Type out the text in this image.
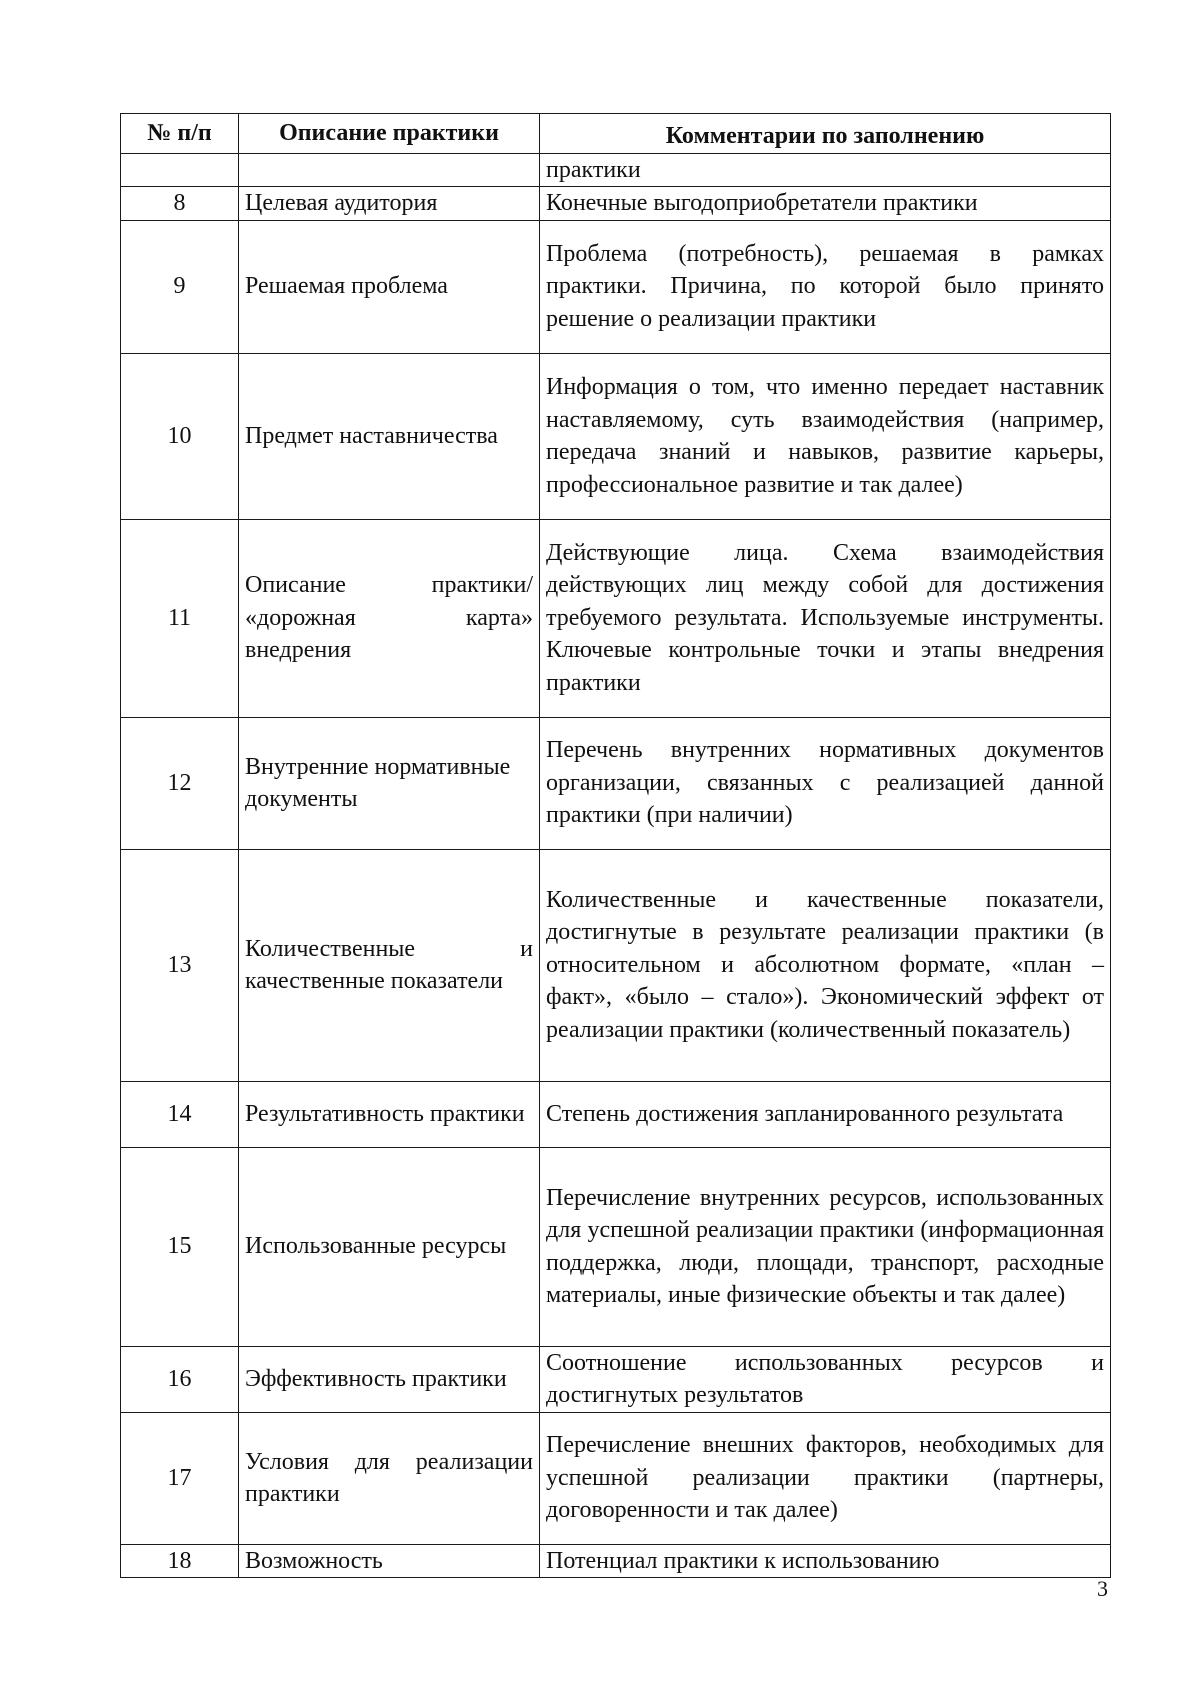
№ п/п	Описание практики	Комментарии по заполнению
		практики
8	Целевая аудитория	Конечные выгодоприобретатели практики
9	Решаемая проблема	Проблема (потребность), решаемая в рамках практики. Причина, по которой было принято решение о реализации практики
10	Предмет наставничества	Информация о том, что именно передает наставник наставляемому, суть взаимодействия (например, передача знаний и навыков, развитие карьеры, профессиональное развитие и так далее)
11	Описание практики/ «дорожная карта» внедрения	Действующие лица. Схема взаимодействия действующих лиц между собой для достижения требуемого результата. Используемые инструменты. Ключевые контрольные точки и этапы внедрения практики
12	Внутренние нормативные документы	Перечень внутренних нормативных документов организации, связанных с реализацией данной практики (при наличии)
13	Количественные и качественные показатели	Количественные и качественные показатели, достигнутые в результате реализации практики (в относительном и абсолютном формате, «план – факт», «было – стало»). Экономический эффект от реализации практики (количественный показатель)
14	Результативность практики	Степень достижения запланированного результата
15	Использованные ресурсы	Перечисление внутренних ресурсов, использованных для успешной реализации практики (информационная поддержка, люди, площади, транспорт, расходные материалы, иные физические объекты и так далее)
16	Эффективность практики	Соотношение использованных ресурсов и достигнутых результатов
17	Условия для реализации практики	Перечисление внешних факторов, необходимых для успешной реализации практики (партнеры, договоренности и так далее)
18	Возможность	Потенциал практики к использованию
3
